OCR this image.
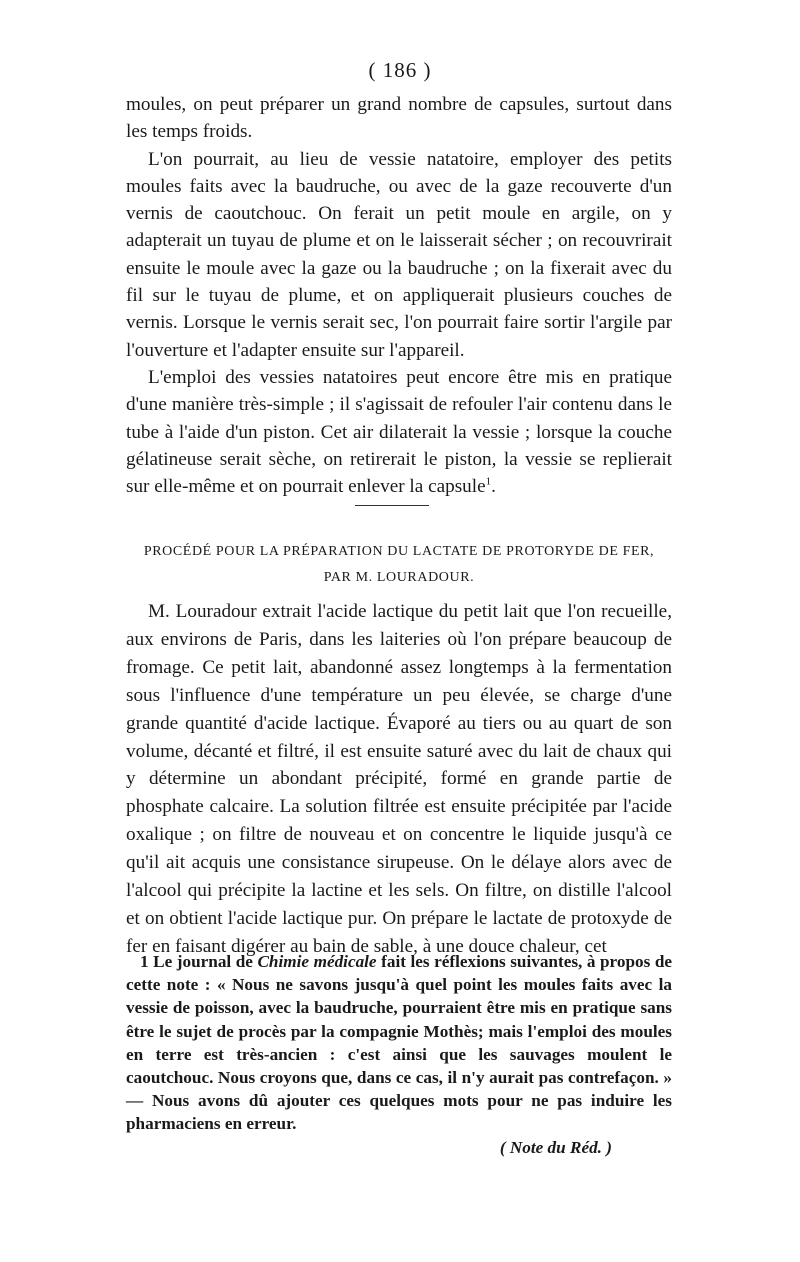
( 186 )

moules, on peut préparer un grand nombre de capsules, surtout dans les temps froids.

L'on pourrait, au lieu de vessie natatoire, employer des petits moules faits avec la baudruche, ou avec de la gaze recouverte d'un vernis de caoutchouc. On ferait un petit moule en argile, on y adapterait un tuyau de plume et on le laisserait sécher ; on recouvrirait ensuite le moule avec la gaze ou la baudruche ; on la fixerait avec du fil sur le tuyau de plume, et on appliquerait plusieurs couches de vernis. Lorsque le vernis serait sec, l'on pourrait faire sortir l'argile par l'ouverture et l'adapter ensuite sur l'appareil.

L'emploi des vessies natatoires peut encore être mis en pratique d'une manière très-simple ; il s'agissait de refouler l'air contenu dans le tube à l'aide d'un piston. Cet air dilaterait la vessie ; lorsque la couche gélatineuse serait sèche, on retirerait le piston, la vessie se replierait sur elle-même et on pourrait enlever la capsule$^1$.

PROCÉDÉ POUR LA PRÉPARATION DU LACTATE DE PROTORYDE DE FER,
PAR M. LOURADOUR.

M. Louradour extrait l'acide lactique du petit lait que l'on recueille, aux environs de Paris, dans les laiteries où l'on prépare beaucoup de fromage. Ce petit lait, abandonné assez longtemps à la fermentation sous l'influence d'une température un peu élevée, se charge d'une grande quantité d'acide lactique. Évaporé au tiers ou au quart de son volume, décanté et filtré, il est ensuite saturé avec du lait de chaux qui y détermine un abondant précipité, formé en grande partie de phosphate calcaire. La solution filtrée est ensuite précipitée par l'acide oxalique ; on filtre de nouveau et on concentre le liquide jusqu'à ce qu'il ait acquis une consistance sirupeuse. On le délaye alors avec de l'alcool qui précipite la lactine et les sels. On filtre, on distille l'alcool et on obtient l'acide lactique pur. On prépare le lactate de protoxyde de fer en faisant digérer au bain de sable, à une douce chaleur, cet

1 Le journal de Chimie médicale fait les réflexions suivantes, à propos de cette note : « Nous ne savons jusqu'à quel point les moules faits avec la vessie de poisson, avec la baudruche, pourraient être mis en pratique sans être le sujet de procès par la compagnie Mothès; mais l'emploi des moules en terre est très-ancien : c'est ainsi que les sauvages moulent le caoutchouc. Nous croyons que, dans ce cas, il n'y aurait pas contrefaçon. » — Nous avons dû ajouter ces quelques mots pour ne pas induire les pharmaciens en erreur.

( Note du Réd. )
